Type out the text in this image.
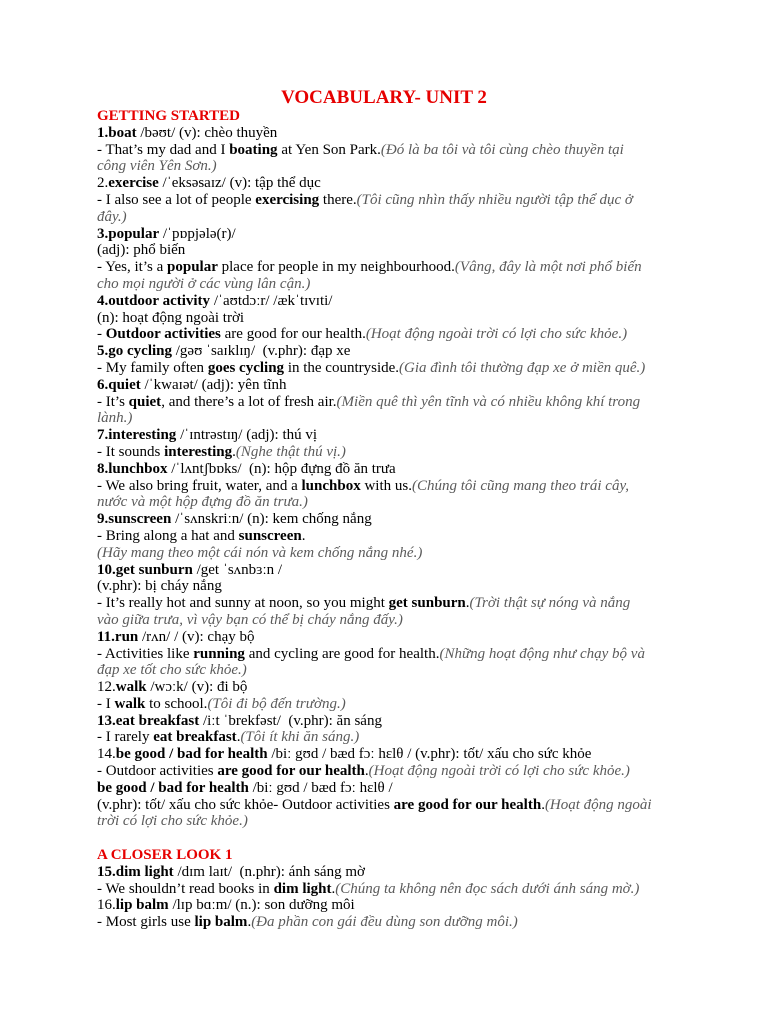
VOCABULARY- UNIT 2
GETTING STARTED
1.boat /bəʊt/ (v): chèo thuyền
- That’s my dad and I boating at Yen Son Park.(Đó là ba tôi và tôi cùng chèo thuyền tại
công viên Yên Sơn.)
2.exercise /ˈeksəsaɪz/ (v): tập thể dục
- I also see a lot of people exercising there.(Tôi cũng nhìn thấy nhiều người tập thể dục ở
đây.)
3.popular /ˈpɒpjələ(r)/
(adj): phổ biến
- Yes, it’s a popular place for people in my neighbourhood.(Vâng, đây là một nơi phổ biến
cho mọi người ở các vùng lân cận.)
4.outdoor activity /ˈaʊtdɔːr/ /ækˈtɪvɪti/
(n): hoạt động ngoài trời
- Outdoor activities are good for our health.(Hoạt động ngoài trời có lợi cho sức khỏe.)
5.go cycling /gəʊ ˈsaɪklɪŋ/  (v.phr): đạp xe
- My family often goes cycling in the countryside.(Gia đình tôi thường đạp xe ở miền quê.)
6.quiet /ˈkwaɪət/ (adj): yên tĩnh
- It’s quiet, and there’s a lot of fresh air.(Miền quê thì yên tĩnh và có nhiều không khí trong
lành.)
7.interesting /ˈɪntrəstɪŋ/ (adj): thú vị
- It sounds interesting.(Nghe thật thú vị.)
8.lunchbox /ˈlʌntʃbɒks/  (n): hộp đựng đồ ăn trưa
- We also bring fruit, water, and a lunchbox with us.(Chúng tôi cũng mang theo trái cây,
nước và một hộp đựng đồ ăn trưa.)
9.sunscreen /ˈsʌnskriːn/ (n): kem chống nắng
- Bring along a hat and sunscreen.
(Hãy mang theo một cái nón và kem chống nắng nhé.)
10.get sunburn /get ˈsʌnbɜːn /
(v.phr): bị cháy nắng
- It’s really hot and sunny at noon, so you might get sunburn.(Trời thật sự nóng và nắng
vào giữa trưa, vì vậy bạn có thể bị cháy nắng đấy.)
11.run /rʌn/ / (v): chạy bộ
- Activities like running and cycling are good for health.(Những hoạt động như chạy bộ và
đạp xe tốt cho sức khỏe.)
12.walk /wɔːk/ (v): đi bộ
- I walk to school.(Tôi đi bộ đến trường.)
13.eat breakfast /iːt ˈbrekfəst/  (v.phr): ăn sáng
- I rarely eat breakfast.(Tôi ít khi ăn sáng.)
14.be good / bad for health /biː gʊd / bæd fɔː hɛlθ / (v.phr): tốt/ xấu cho sức khỏe
- Outdoor activities are good for our health.(Hoạt động ngoài trời có lợi cho sức khỏe.)
be good / bad for health /biː gʊd / bæd fɔː hɛlθ /
(v.phr): tốt/ xấu cho sức khỏe- Outdoor activities are good for our health.(Hoạt động ngoài
trời có lợi cho sức khỏe.)
A CLOSER LOOK 1
15.dim light /dɪm laɪt/  (n.phr): ánh sáng mờ
- We shouldn’t read books in dim light.(Chúng ta không nên đọc sách dưới ánh sáng mờ.)
16.lip balm /lɪp bɑːm/ (n.): son dưỡng môi
- Most girls use lip balm.(Đa phần con gái đều dùng son dưỡng môi.)
